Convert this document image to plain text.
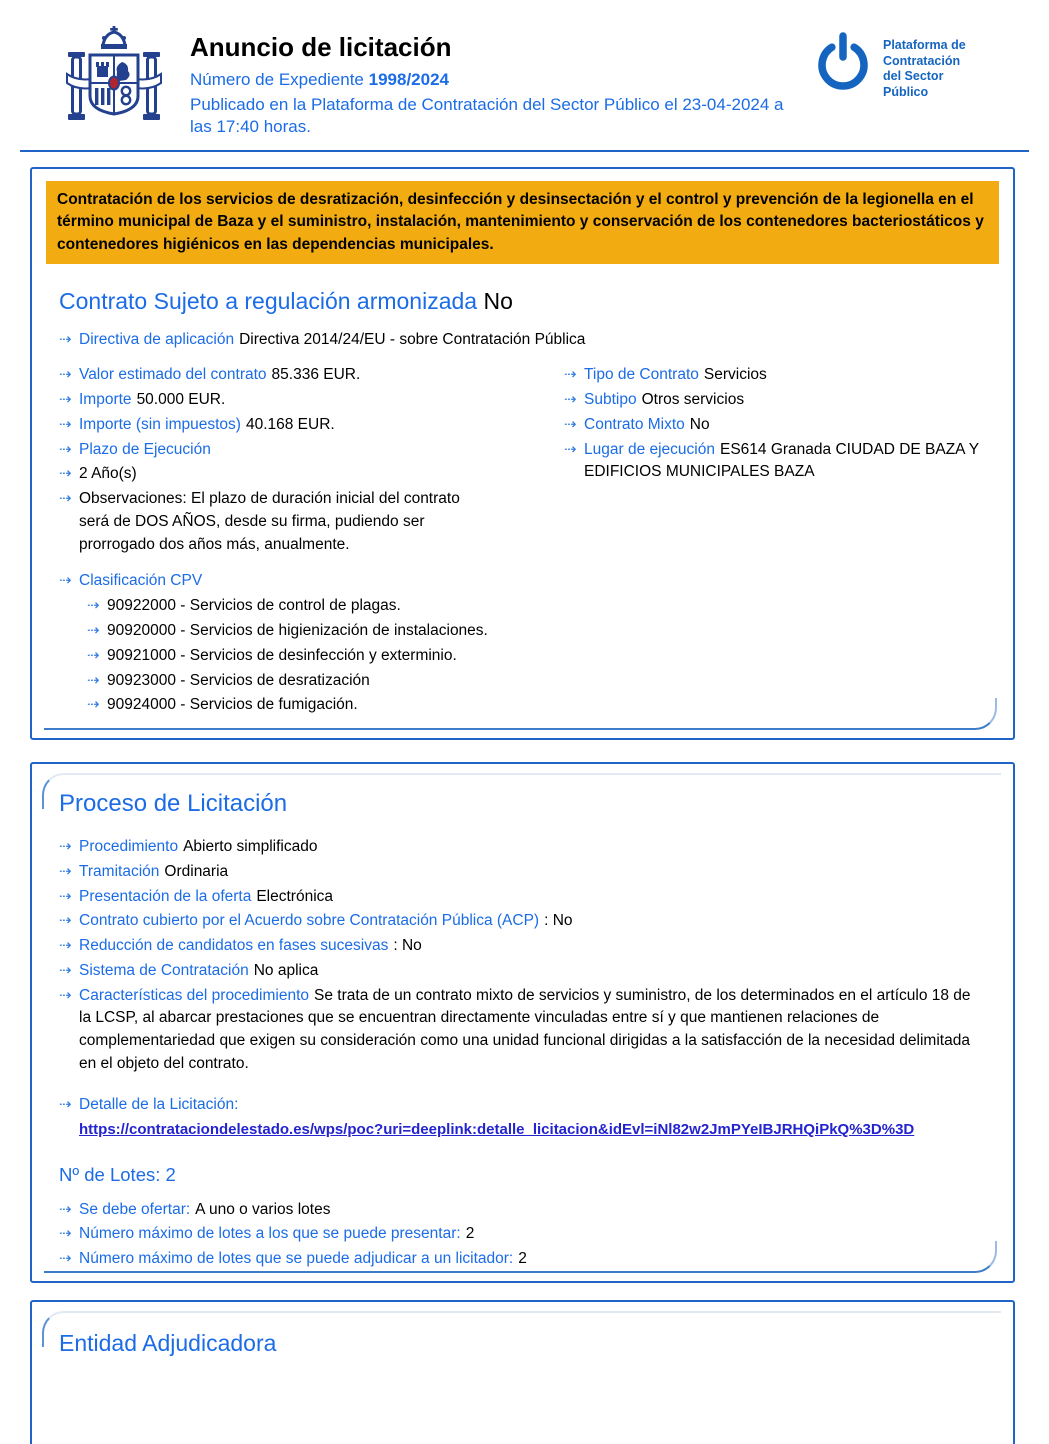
Anuncio de licitación
Número de Expediente 1998/2024
Publicado en la Plataforma de Contratación del Sector Público el 23-04-2024 a
las 17:40 horas.
Plataforma de
Contratación
del Sector
Público
Contratación de los servicios de desratización, desinfección y desinsectación y el control y prevención de la legionella en el término municipal de Baza y el suministro, instalación, mantenimiento y conservación de los contenedores bacteriostáticos y contenedores higiénicos en las dependencias municipales.
Contrato Sujeto a regulación armonizada No
⇢ Directiva de aplicación Directiva 2014/24/EU - sobre Contratación Pública
⇢ Valor estimado del contrato 85.336 EUR.
⇢ Importe 50.000 EUR.
⇢ Importe (sin impuestos) 40.168 EUR.
⇢ Plazo de Ejecución
⇢ 2 Año(s)
⇢ Observaciones: El plazo de duración inicial del contrato será de DOS AÑOS, desde su firma, pudiendo ser prorrogado dos años más, anualmente.
⇢ Tipo de Contrato Servicios
⇢ Subtipo Otros servicios
⇢ Contrato Mixto No
⇢ Lugar de ejecución ES614 Granada CIUDAD DE BAZA Y EDIFICIOS MUNICIPALES BAZA
⇢ Clasificación CPV
⇢ 90922000 - Servicios de control de plagas.
⇢ 90920000 - Servicios de higienización de instalaciones.
⇢ 90921000 - Servicios de desinfección y exterminio.
⇢ 90923000 - Servicios de desratización
⇢ 90924000 - Servicios de fumigación.
Proceso de Licitación
⇢ Procedimiento Abierto simplificado
⇢ Tramitación Ordinaria
⇢ Presentación de la oferta Electrónica
⇢ Contrato cubierto por el Acuerdo sobre Contratación Pública (ACP) : No
⇢ Reducción de candidatos en fases sucesivas : No
⇢ Sistema de Contratación No aplica
⇢ Características del procedimiento Se trata de un contrato mixto de servicios y suministro, de los determinados en el artículo 18 de la LCSP, al abarcar prestaciones que se encuentran directamente vinculadas entre sí y que mantienen relaciones de complementariedad que exigen su consideración como una unidad funcional dirigidas a la satisfacción de la necesidad delimitada en el objeto del contrato.
⇢ Detalle de la Licitación:
https://contrataciondelestado.es/wps/poc?uri=deeplink:detalle_licitacion&idEvl=iNl82w2JmPYeIBJRHQiPkQ%3D%3D
Nº de Lotes: 2
⇢ Se debe ofertar: A uno o varios lotes
⇢ Número máximo de lotes a los que se puede presentar: 2
⇢ Número máximo de lotes que se puede adjudicar a un licitador: 2
Entidad Adjudicadora
